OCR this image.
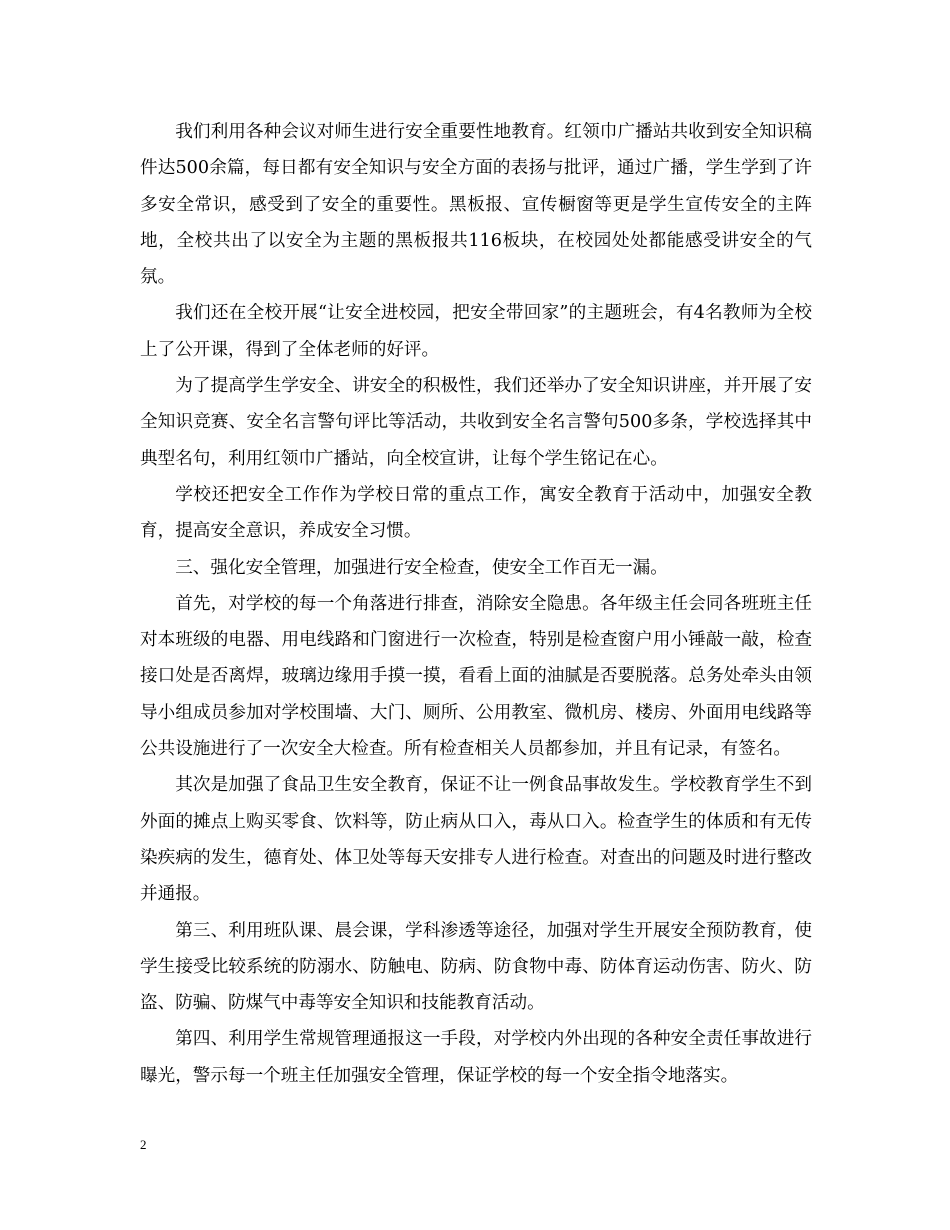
我们利用各种会议对师生进行安全重要性地教育。红领巾广播站共收到安全知识稿件达500余篇，每日都有安全知识与安全方面的表扬与批评，通过广播，学生学到了许多安全常识，感受到了安全的重要性。黑板报、宣传橱窗等更是学生宣传安全的主阵地，全校共出了以安全为主题的黑板报共116板块，在校园处处都能感受讲安全的气氛。

我们还在全校开展“让安全进校园，把安全带回家”的主题班会，有4名教师为全校上了公开课，得到了全体老师的好评。

为了提高学生学安全、讲安全的积极性，我们还举办了安全知识讲座，并开展了安全知识竞赛、安全名言警句评比等活动，共收到安全名言警句500多条，学校选择其中典型名句，利用红领巾广播站，向全校宣讲，让每个学生铭记在心。

学校还把安全工作作为学校日常的重点工作，寓安全教育于活动中，加强安全教育，提高安全意识，养成安全习惯。

三、强化安全管理，加强进行安全检查，使安全工作百无一漏。

首先，对学校的每一个角落进行排查，消除安全隐患。各年级主任会同各班班主任对本班级的电器、用电线路和门窗进行一次检查，特别是检查窗户用小锤敲一敲，检查接口处是否离焊，玻璃边缘用手摸一摸，看看上面的油腻是否要脱落。总务处牵头由领导小组成员参加对学校围墙、大门、厕所、公用教室、微机房、楼房、外面用电线路等公共设施进行了一次安全大检查。所有检查相关人员都参加，并且有记录，有签名。

其次是加强了食品卫生安全教育，保证不让一例食品事故发生。学校教育学生不到外面的摊点上购买零食、饮料等，防止病从口入，毒从口入。检查学生的体质和有无传染疾病的发生，德育处、体卫处等每天安排专人进行检查。对查出的问题及时进行整改并通报。

第三、利用班队课、晨会课，学科渗透等途径，加强对学生开展安全预防教育，使学生接受比较系统的防溺水、防触电、防病、防食物中毒、防体育运动伤害、防火、防盗、防骗、防煤气中毒等安全知识和技能教育活动。

第四、利用学生常规管理通报这一手段，对学校内外出现的各种安全责任事故进行曝光，警示每一个班主任加强安全管理，保证学校的每一个安全指令地落实。

2
